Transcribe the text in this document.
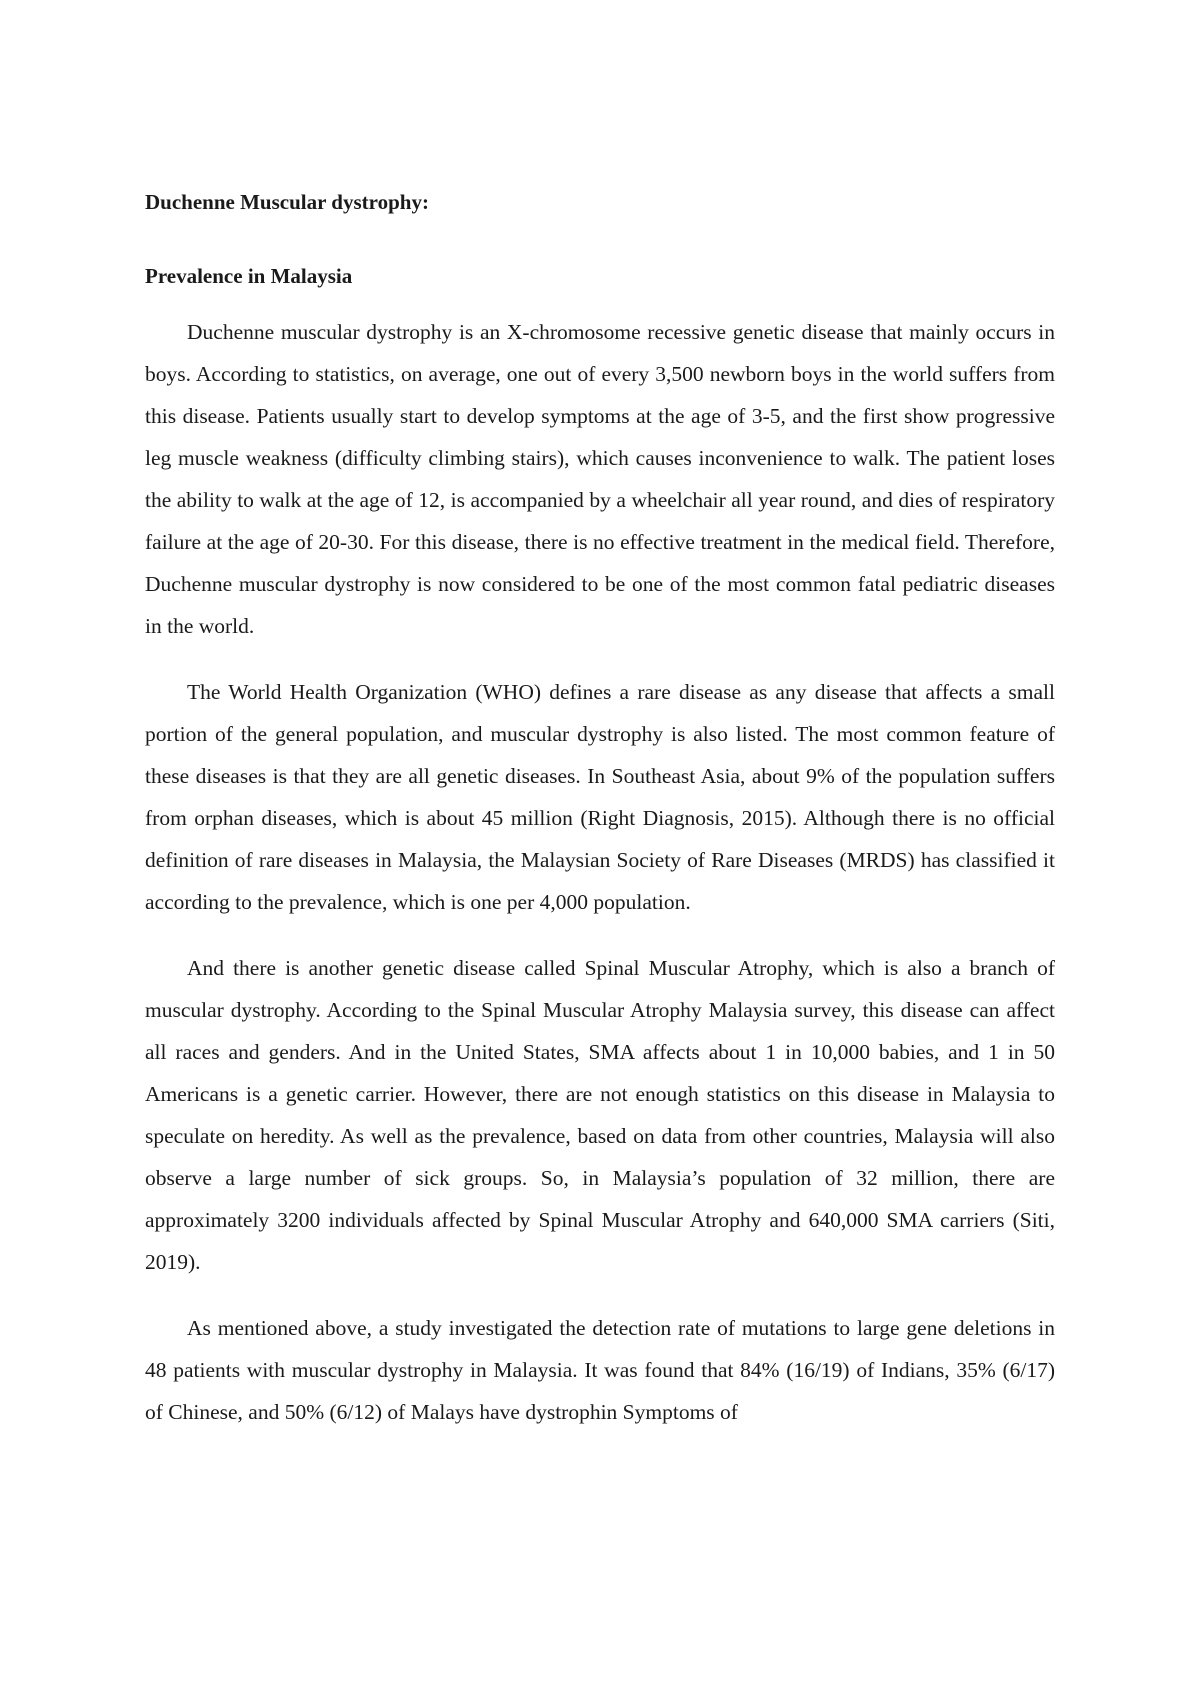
Duchenne Muscular dystrophy:

Prevalence in Malaysia

Duchenne muscular dystrophy is an X-chromosome recessive genetic disease that mainly occurs in boys. According to statistics, on average, one out of every 3,500 newborn boys in the world suffers from this disease. Patients usually start to develop symptoms at the age of 3-5, and the first show progressive leg muscle weakness (difficulty climbing stairs), which causes inconvenience to walk. The patient loses the ability to walk at the age of 12, is accompanied by a wheelchair all year round, and dies of respiratory failure at the age of 20-30. For this disease, there is no effective treatment in the medical field. Therefore, Duchenne muscular dystrophy is now considered to be one of the most common fatal pediatric diseases in the world.

The World Health Organization (WHO) defines a rare disease as any disease that affects a small portion of the general population, and muscular dystrophy is also listed. The most common feature of these diseases is that they are all genetic diseases. In Southeast Asia, about 9% of the population suffers from orphan diseases, which is about 45 million (Right Diagnosis, 2015). Although there is no official definition of rare diseases in Malaysia, the Malaysian Society of Rare Diseases (MRDS) has classified it according to the prevalence, which is one per 4,000 population.

And there is another genetic disease called Spinal Muscular Atrophy, which is also a branch of muscular dystrophy. According to the Spinal Muscular Atrophy Malaysia survey, this disease can affect all races and genders. And in the United States, SMA affects about 1 in 10,000 babies, and 1 in 50 Americans is a genetic carrier. However, there are not enough statistics on this disease in Malaysia to speculate on heredity. As well as the prevalence, based on data from other countries, Malaysia will also observe a large number of sick groups. So, in Malaysia’s population of 32 million, there are approximately 3200 individuals affected by Spinal Muscular Atrophy and 640,000 SMA carriers (Siti, 2019).

As mentioned above, a study investigated the detection rate of mutations to large gene deletions in 48 patients with muscular dystrophy in Malaysia. It was found that 84% (16/19) of Indians, 35% (6/17) of Chinese, and 50% (6/12) of Malays have dystrophin Symptoms of
